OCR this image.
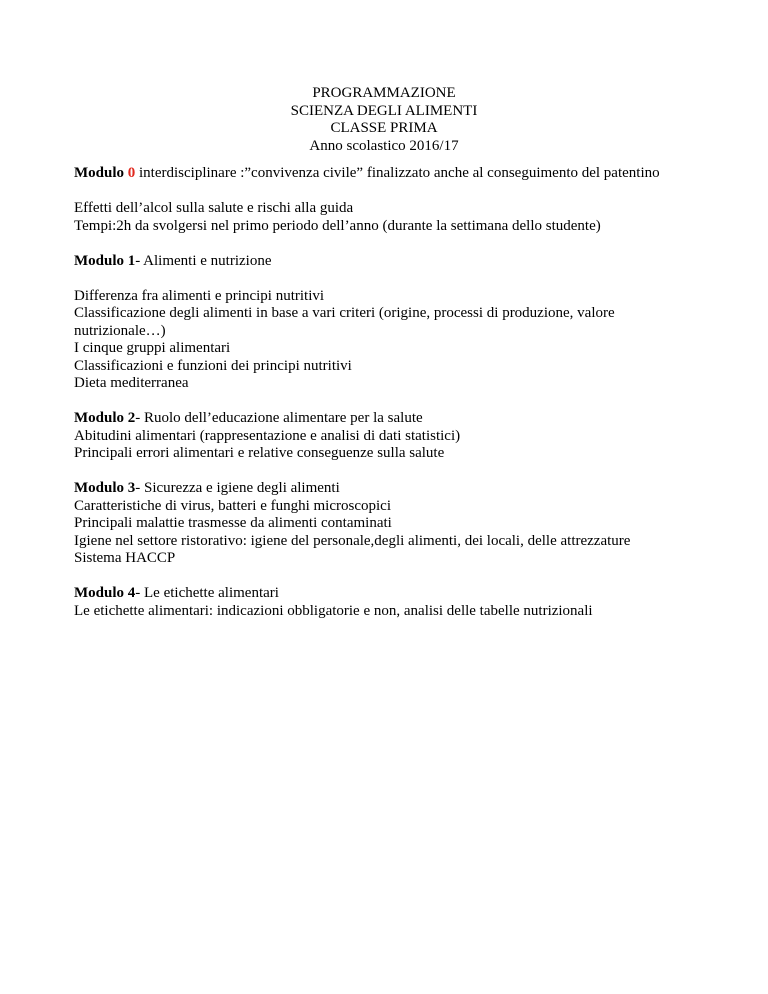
PROGRAMMAZIONE
SCIENZA DEGLI ALIMENTI
CLASSE PRIMA
Anno scolastico 2016/17
Modulo 0 interdisciplinare :”convivenza civile” finalizzato anche al conseguimento del patentino
Effetti dell’alcol sulla salute e rischi alla guida
Tempi:2h da svolgersi nel primo periodo dell’anno (durante la settimana dello studente)
Modulo 1- Alimenti e nutrizione
Differenza fra alimenti e principi nutritivi
Classificazione degli alimenti in base a vari criteri (origine, processi di produzione, valore
nutrizionale…)
I cinque gruppi alimentari
Classificazioni e funzioni dei principi nutritivi
Dieta mediterranea
Modulo 2- Ruolo dell’educazione alimentare per la salute
Abitudini alimentari (rappresentazione e analisi di dati statistici)
Principali errori alimentari e relative conseguenze sulla salute
Modulo 3- Sicurezza e igiene degli alimenti
Caratteristiche di virus, batteri e funghi microscopici
Principali malattie trasmesse da alimenti contaminati
Igiene nel settore ristorativo: igiene del personale,degli alimenti, dei locali, delle attrezzature
Sistema HACCP
Modulo 4- Le etichette alimentari
Le etichette alimentari: indicazioni obbligatorie e non, analisi delle tabelle nutrizionali
